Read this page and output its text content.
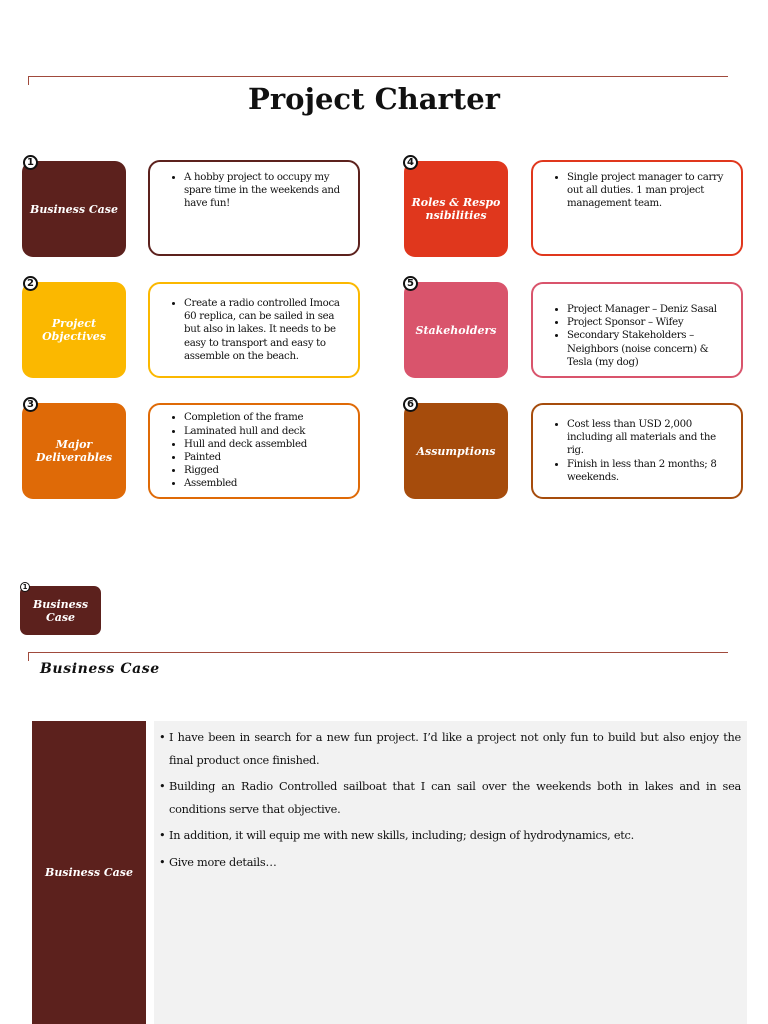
Project Charter
Business Case
1
• A hobby project to occupy my spare time in the weekends and have fun!
Project Objectives
2
• Create a radio controlled Imoca 60 replica, can be sailed in sea but also in lakes. It needs to be easy to transport and easy to assemble on the beach.
Major Deliverables
3
• Completion of the frame
• Laminated hull and deck
• Hull and deck assembled
• Painted
• Rigged
• Assembled
Roles & Responsibilities
4
• Single project manager to carry out all duties. 1 man project management team.
Stakeholders
5
• Project Manager – Deniz Sasal
• Project Sponsor – Wifey
• Secondary Stakeholders – Neighbors (noise concern) & Tesla (my dog)
Assumptions
6
• Cost less than USD 2,000 including all materials and the rig.
• Finish in less than 2 months; 8 weekends.
Business Case
1
Business Case
Business Case
• I have been in search for a new fun project. I’d like a project not only fun to build but also enjoy the final product once finished.
• Building an Radio Controlled sailboat that I can sail over the weekends both in lakes and in sea conditions serve that objective.
• In addition, it will equip me with new skills, including; design of hydrodynamics, etc.
• Give more details…
